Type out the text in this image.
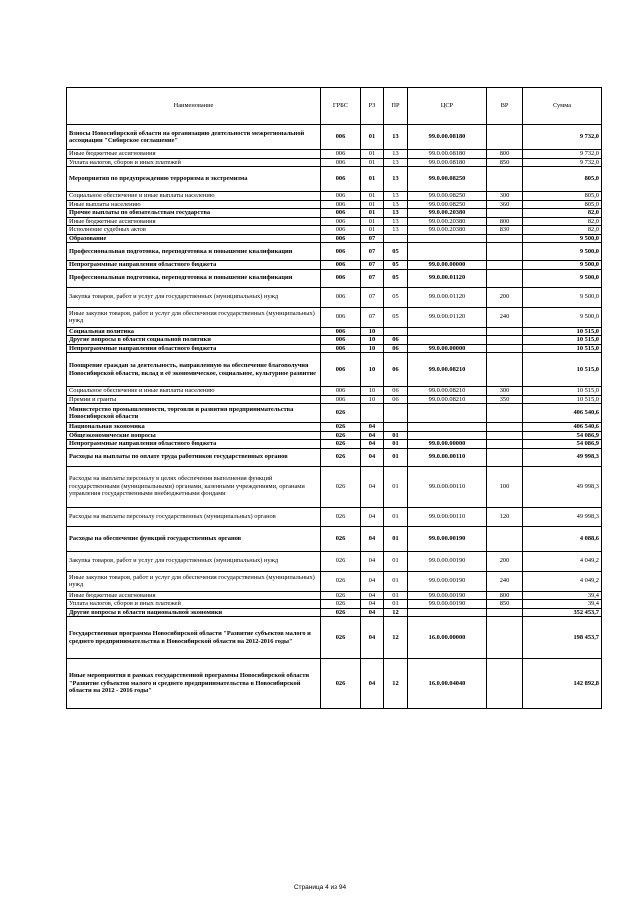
Наименование	ГРБС	РЗ	ПР	ЦСР	ВР	Сумма
Взносы Новосибирской области на организацию деятельности межрегиональной ассоциации "Сибирское соглашение"	006	01	13	99.0.00.08180		9 732,0
Иные бюджетные ассигнования	006	01	13	99.0.00.08180	800	9 732,0
Уплата налогов, сборов и иных платежей	006	01	13	99.0.00.08180	850	9 732,0
Мероприятия по предупреждению терроризма и экстремизма	006	01	13	99.0.00.08250		805,0
Социальное обеспечение и иные выплаты населению	006	01	13	99.0.00.08250	300	805,0
Иные выплаты населению	006	01	13	99.0.00.08250	360	805,0
Прочие выплаты по обязательствам государства	006	01	13	99.0.00.20380		82,0
Иные бюджетные ассигнования	006	01	13	99.0.00.20380	800	82,0
Исполнение судебных актов	006	01	13	99.0.00.20380	830	82,0
Образование	006	07				9 500,0
Профессиональная подготовка, переподготовка и повышение квалификации	006	07	05			9 500,0
Непрограммные направления областного бюджета	006	07	05	99.0.00.00000		9 500,0
Профессиональная подготовка, переподготовка и повышение квалификации	006	07	05	99.0.00.01120		9 500,0
Закупка товаров, работ и услуг для государственных (муниципальных) нужд	006	07	05	99.0.00.01120	200	9 500,0
Иные закупки товаров, работ и услуг для обеспечения государственных (муниципальных) нужд	006	07	05	99.0.00.01120	240	9 500,0
Социальная политика	006	10				10 515,0
Другие вопросы в области социальной политики	006	10	06			10 515,0
Непрограммные направления областного бюджета	006	10	06	99.0.00.00000		10 515,0
Поощрение граждан за деятельность, направленную на обеспечение благополучия Новосибирской области, вклад в её экономическое, социальное, культурное развитие	006	10	06	99.0.00.08210		10 515,0
Социальное обеспечение и иные выплаты населению	006	10	06	99.0.00.08210	300	10 515,0
Премии и гранты	006	10	06	99.0.00.08210	350	10 515,0
Министерство промышленности, торговли и развития предпринимательства Новосибирской области	026					406 540,6
Национальная экономика	026	04				406 540,6
Общеэкономические вопросы	026	04	01			54 086,9
Непрограммные направления областного бюджета	026	04	01	99.0.00.00000		54 086,9
Расходы на выплаты по оплате труда работников государственных органов	026	04	01	99.0.00.00110		49 998,3
Расходы на выплаты персоналу в целях обеспечения выполнения функций государственными (муниципальными) органами, казенными учреждениями, органами управления государственными внебюджетными фондами	026	04	01	99.0.00.00110	100	49 998,3
Расходы на выплаты персоналу государственных (муниципальных) органов	026	04	01	99.0.00.00110	120	49 998,3
Расходы на обеспечение функций государственных органов	026	04	01	99.0.00.00190		4 088,6
Закупка товаров, работ и услуг для государственных (муниципальных) нужд	026	04	01	99.0.00.00190	200	4 049,2
Иные закупки товаров, работ и услуг для обеспечения государственных (муниципальных) нужд	026	04	01	99.0.00.00190	240	4 049,2
Иные бюджетные ассигнования	026	04	01	99.0.00.00190	800	39,4
Уплата налогов, сборов и иных платежей	026	04	01	99.0.00.00190	850	39,4
Другие вопросы в области национальной экономики	026	04	12			352 453,7
Государственная программа Новосибирской области "Развитие субъектов малого и среднего предпринимательства в Новосибирской области на 2012-2016 годы"	026	04	12	16.0.00.00000		198 453,7
Иные мероприятия в рамках государственной программы Новосибирской области "Развитие субъектов малого и среднего предпринимательства в Новосибирской области на 2012 - 2016 годы"	026	04	12	16.0.00.04040		142 892,8
Страница 4 из 94
